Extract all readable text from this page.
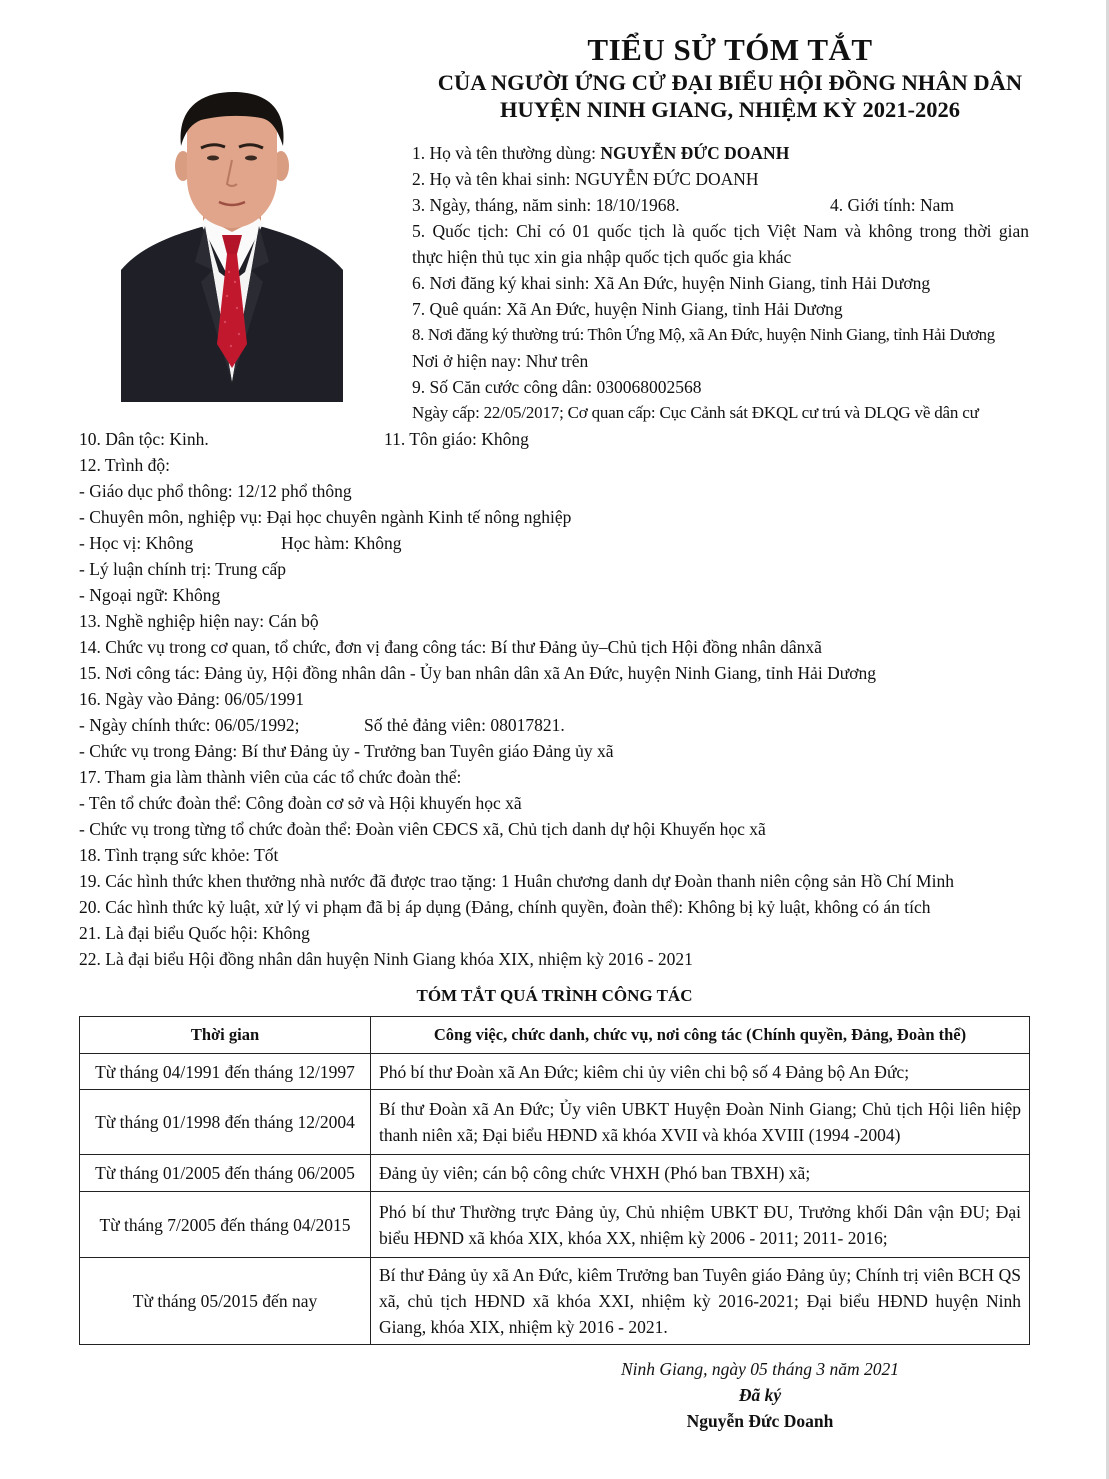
TIỂU SỬ TÓM TẮT
CỦA NGƯỜI ỨNG CỬ ĐẠI BIỂU HỘI ĐỒNG NHÂN DÂN
HUYỆN NINH GIANG, NHIỆM KỲ 2021-2026
1. Họ và tên thường dùng: NGUYỄN ĐỨC DOANH
2. Họ và tên khai sinh: NGUYỄN ĐỨC DOANH
3. Ngày, tháng, năm sinh: 18/10/1968.	4. Giới tính: Nam
5. Quốc tịch: Chỉ có 01 quốc tịch là quốc tịch Việt Nam và không trong thời gian
thực hiện thủ tục xin gia nhập quốc tịch quốc gia khác
6. Nơi đăng ký khai sinh: Xã An Đức, huyện Ninh Giang, tỉnh Hải Dương
7. Quê quán: Xã An Đức, huyện Ninh Giang, tỉnh Hải Dương
8. Nơi đăng ký thường trú: Thôn Ứng Mộ, xã An Đức, huyện Ninh Giang, tỉnh Hải Dương
Nơi ở hiện nay: Như trên
9. Số Căn cước công dân: 030068002568
Ngày cấp: 22/05/2017; Cơ quan cấp: Cục Cảnh sát ĐKQL cư trú và DLQG về dân cư
10. Dân tộc: Kinh.	11. Tôn giáo: Không
12. Trình độ:
- Giáo dục phổ thông: 12/12 phổ thông
- Chuyên môn, nghiệp vụ: Đại học chuyên ngành Kinh tế nông nghiệp
- Học vị: Không	Học hàm: Không
- Lý luận chính trị: Trung cấp
- Ngoại ngữ: Không
13. Nghề nghiệp hiện nay: Cán bộ
14. Chức vụ trong cơ quan, tổ chức, đơn vị đang công tác: Bí thư Đảng ủy–Chủ tịch Hội đồng nhân dânxã
15. Nơi công tác: Đảng ủy, Hội đồng nhân dân - Ủy ban nhân dân xã An Đức, huyện Ninh Giang, tỉnh Hải Dương
16. Ngày vào Đảng: 06/05/1991
- Ngày chính thức: 06/05/1992;	Số thẻ đảng viên: 08017821.
- Chức vụ trong Đảng: Bí thư Đảng ủy - Trưởng ban Tuyên giáo Đảng ủy xã
17. Tham gia làm thành viên của các tổ chức đoàn thể:
- Tên tổ chức đoàn thể: Công đoàn cơ sở và Hội khuyến học xã
- Chức vụ trong từng tổ chức đoàn thể: Đoàn viên CĐCS xã, Chủ tịch danh dự hội Khuyến học xã
18. Tình trạng sức khỏe: Tốt
19. Các hình thức khen thưởng nhà nước đã được trao tặng: 1 Huân chương danh dự Đoàn thanh niên cộng sản Hồ Chí Minh
20. Các hình thức kỷ luật, xử lý vi phạm đã bị áp dụng (Đảng, chính quyền, đoàn thể): Không bị kỷ luật, không có án tích
21. Là đại biểu Quốc hội: Không
22. Là đại biểu Hội đồng nhân dân huyện Ninh Giang khóa XIX, nhiệm kỳ 2016 - 2021
TÓM TẮT QUÁ TRÌNH CÔNG TÁC
Thời gian	Công việc, chức danh, chức vụ, nơi công tác (Chính quyền, Đảng, Đoàn thể)
Từ tháng 04/1991 đến tháng 12/1997	Phó bí thư Đoàn xã An Đức; kiêm chi ủy viên chi bộ số 4 Đảng bộ An Đức;
Từ tháng 01/1998 đến tháng 12/2004	Bí thư Đoàn xã An Đức; Ủy viên UBKT Huyện Đoàn Ninh Giang; Chủ tịch Hội liên hiệp thanh niên xã; Đại biểu HĐND xã khóa XVII và khóa XVIII (1994 -2004)
Từ tháng 01/2005 đến tháng 06/2005	Đảng ủy viên; cán bộ công chức VHXH (Phó ban TBXH) xã;
Từ tháng 7/2005 đến tháng 04/2015	Phó bí thư Thường trực Đảng ủy, Chủ nhiệm UBKT ĐU, Trưởng khối Dân vận ĐU; Đại biểu HĐND xã khóa XIX, khóa XX, nhiệm kỳ 2006 - 2011; 2011- 2016;
Từ tháng 05/2015 đến nay	Bí thư Đảng ủy xã An Đức, kiêm Trưởng ban Tuyên giáo Đảng ủy; Chính trị viên BCH QS xã, chủ tịch HĐND xã khóa XXI, nhiệm kỳ 2016-2021; Đại biểu HĐND huyện Ninh Giang, khóa XIX, nhiệm kỳ 2016 - 2021.
Ninh Giang, ngày 05 tháng 3 năm 2021
Đã ký
Nguyễn Đức Doanh
